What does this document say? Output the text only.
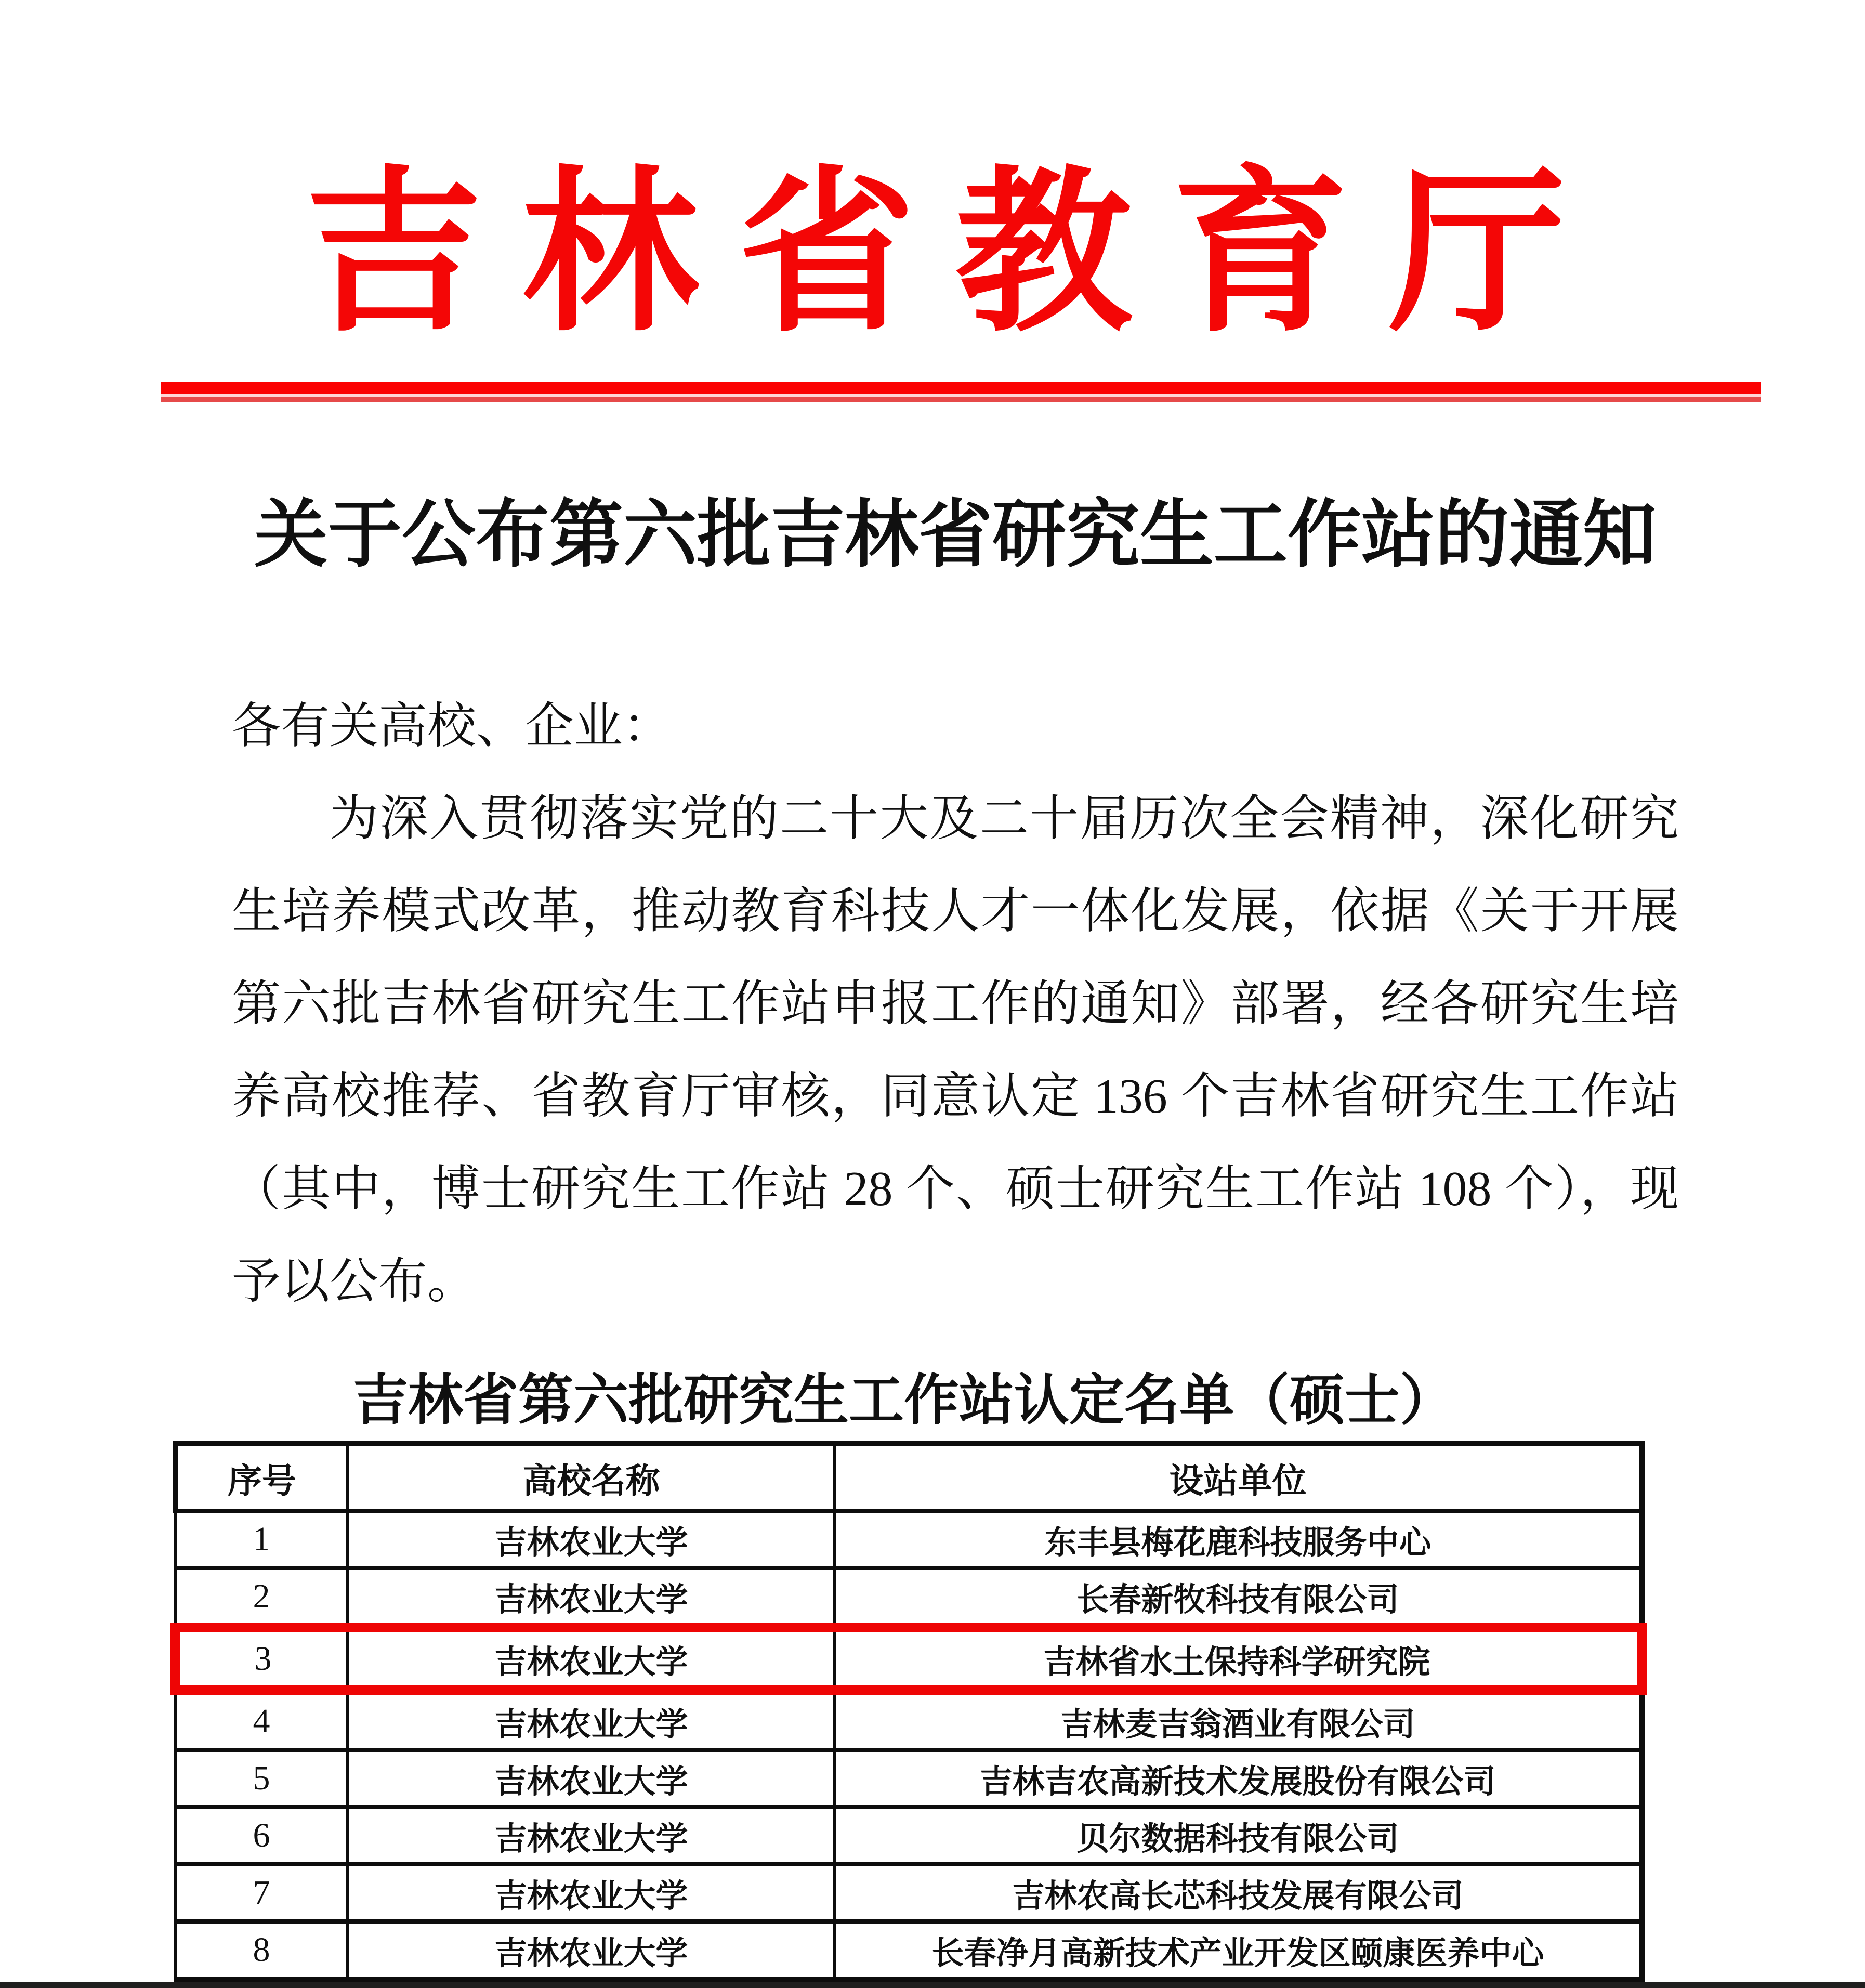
吉林省教育厅
关于公布第六批吉林省研究生工作站的通知

各有关高校、企业：

为深入贯彻落实党的二十大及二十届历次全会精神，深化研究生培养模式改革，推动教育科技人才一体化发展，依据《关于开展第六批吉林省研究生工作站申报工作的通知》部署，经各研究生培养高校推荐、省教育厅审核，同意认定 136 个吉林省研究生工作站（其中，博士研究生工作站 28 个、硕士研究生工作站 108 个），现予以公布。

吉林省第六批研究生工作站认定名单（硕士）
序号	高校名称	设站单位
1	吉林农业大学	东丰县梅花鹿科技服务中心
2	吉林农业大学	长春新牧科技有限公司
3	吉林农业大学	吉林省水土保持科学研究院
4	吉林农业大学	吉林麦吉翁酒业有限公司
5	吉林农业大学	吉林吉农高新技术发展股份有限公司
6	吉林农业大学	贝尔数据科技有限公司
7	吉林农业大学	吉林农高长芯科技发展有限公司
8	吉林农业大学	长春净月高新技术产业开发区颐康医养中心
